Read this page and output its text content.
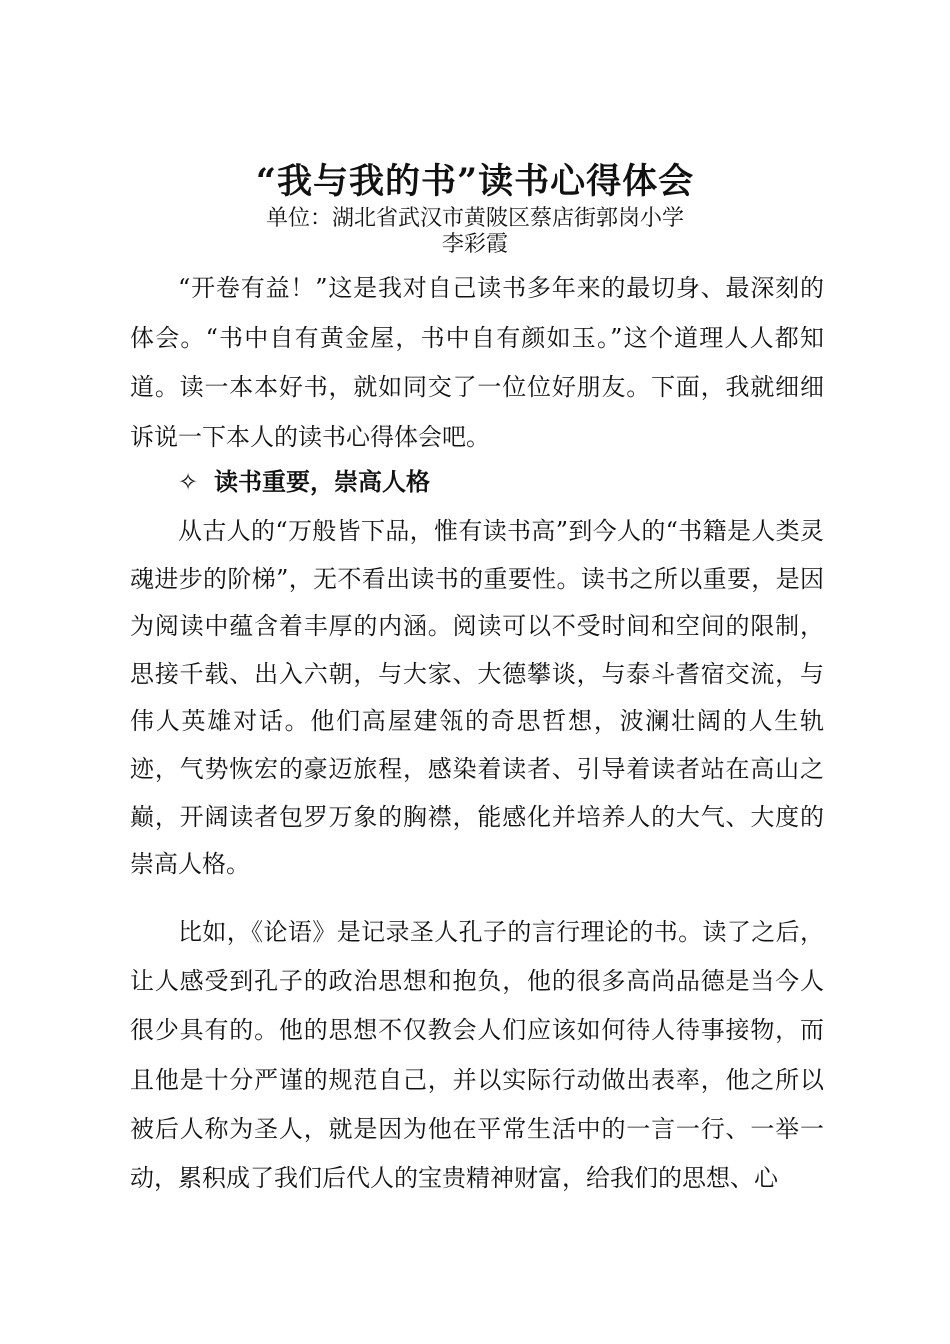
“我与我的书”读书心得体会
单位：湖北省武汉市黄陂区蔡店街郭岗小学
李彩霞

“开卷有益！”这是我对自己读书多年来的最切身、最深刻的体会。“书中自有黄金屋，书中自有颜如玉。”这个道理人人都知道。读一本本好书，就如同交了一位位好朋友。下面，我就细细诉说一下本人的读书心得体会吧。

✧ 读书重要，崇高人格

从古人的“万般皆下品，惟有读书高”到今人的“书籍是人类灵魂进步的阶梯”，无不看出读书的重要性。读书之所以重要，是因为阅读中蕴含着丰厚的内涵。阅读可以不受时间和空间的限制，思接千载、出入六朝，与大家、大德攀谈，与泰斗耆宿交流，与伟人英雄对话。他们高屋建瓴的奇思哲想，波澜壮阔的人生轨迹，气势恢宏的豪迈旅程，感染着读者、引导着读者站在高山之巅，开阔读者包罗万象的胸襟，能感化并培养人的大气、大度的崇高人格。

比如，《论语》是记录圣人孔子的言行理论的书。读了之后，让人感受到孔子的政治思想和抱负，他的很多高尚品德是当今人很少具有的。他的思想不仅教会人们应该如何待人待事接物，而且他是十分严谨的规范自己，并以实际行动做出表率，他之所以被后人称为圣人，就是因为他在平常生活中的一言一行、一举一动，累积成了我们后代人的宝贵精神财富，给我们的思想、心
